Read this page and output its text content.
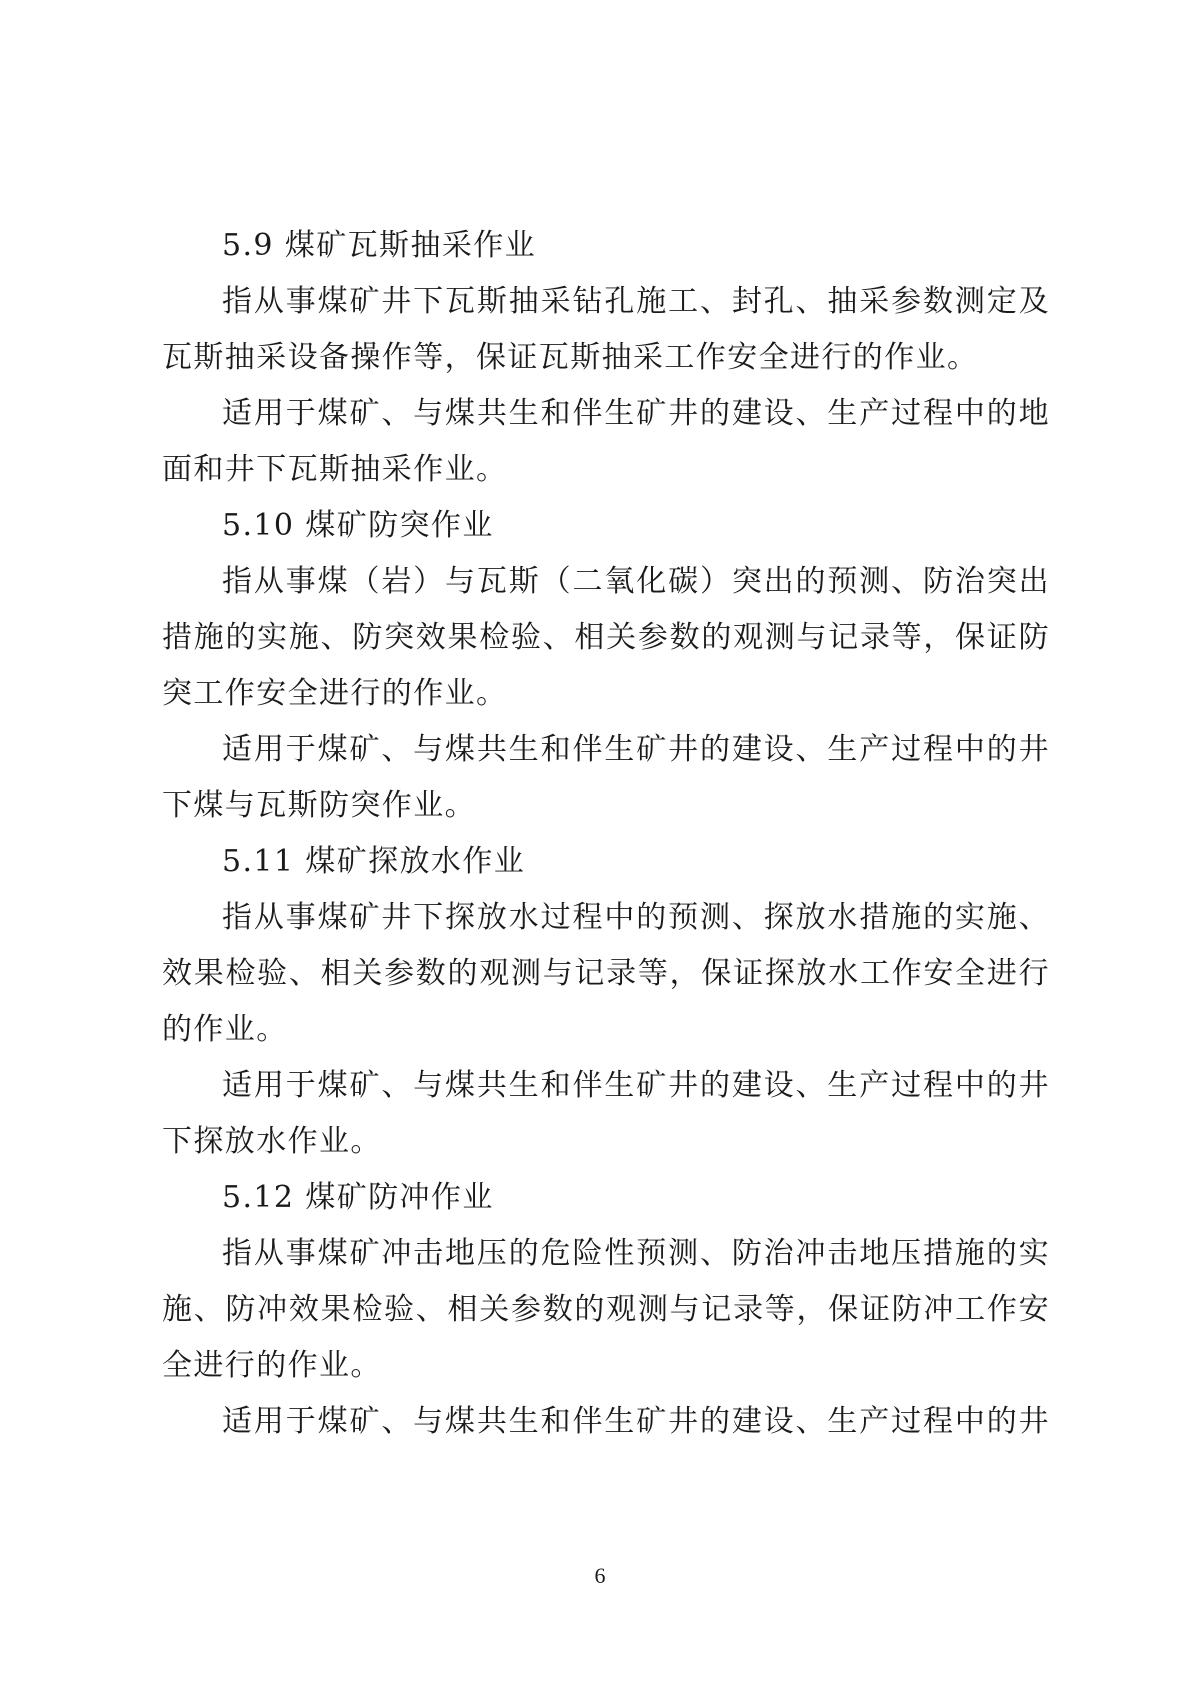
5.9 煤矿瓦斯抽采作业
指从事煤矿井下瓦斯抽采钻孔施工、封孔、抽采参数测定及
瓦斯抽采设备操作等，保证瓦斯抽采工作安全进行的作业。
适用于煤矿、与煤共生和伴生矿井的建设、生产过程中的地
面和井下瓦斯抽采作业。
5.10 煤矿防突作业
指从事煤（岩）与瓦斯（二氧化碳）突出的预测、防治突出
措施的实施、防突效果检验、相关参数的观测与记录等，保证防
突工作安全进行的作业。
适用于煤矿、与煤共生和伴生矿井的建设、生产过程中的井
下煤与瓦斯防突作业。
5.11 煤矿探放水作业
指从事煤矿井下探放水过程中的预测、探放水措施的实施、
效果检验、相关参数的观测与记录等，保证探放水工作安全进行
的作业。
适用于煤矿、与煤共生和伴生矿井的建设、生产过程中的井
下探放水作业。
5.12 煤矿防冲作业
指从事煤矿冲击地压的危险性预测、防治冲击地压措施的实
施、防冲效果检验、相关参数的观测与记录等，保证防冲工作安
全进行的作业。
适用于煤矿、与煤共生和伴生矿井的建设、生产过程中的井
6
